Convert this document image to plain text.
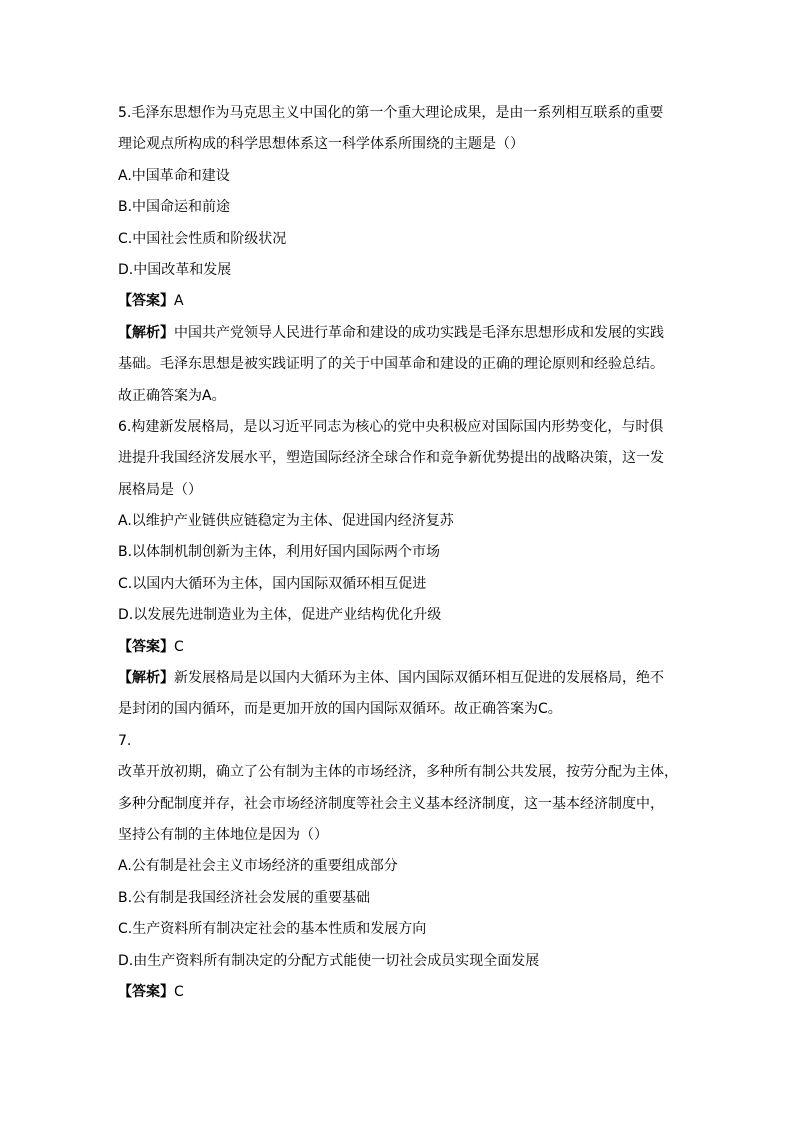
5.毛泽东思想作为马克思主义中国化的第一个重大理论成果，是由一系列相互联系的重要
理论观点所构成的科学思想体系这一科学体系所围绕的主题是（）
A.中国革命和建设
B.中国命运和前途
C.中国社会性质和阶级状况
D.中国改革和发展
【答案】A
【解析】中国共产党领导人民进行革命和建设的成功实践是毛泽东思想形成和发展的实践
基础。毛泽东思想是被实践证明了的关于中国革命和建设的正确的理论原则和经验总结。
故正确答案为A。
6.构建新发展格局，是以习近平同志为核心的党中央积极应对国际国内形势变化，与时俱
进提升我国经济发展水平，塑造国际经济全球合作和竞争新优势提出的战略决策，这一发
展格局是（）
A.以维护产业链供应链稳定为主体、促进国内经济复苏
B.以体制机制创新为主体，利用好国内国际两个市场
C.以国内大循环为主体，国内国际双循环相互促进
D.以发展先进制造业为主体，促进产业结构优化升级
【答案】C
【解析】新发展格局是以国内大循环为主体、国内国际双循环相互促进的发展格局，绝不
是封闭的国内循环，而是更加开放的国内国际双循环。故正确答案为C。
7.
改革开放初期，确立了公有制为主体的市场经济，多种所有制公共发展，按劳分配为主体，
多种分配制度并存，社会市场经济制度等社会主义基本经济制度，这一基本经济制度中，
坚持公有制的主体地位是因为（）
A.公有制是社会主义市场经济的重要组成部分
B.公有制是我国经济社会发展的重要基础
C.生产资料所有制决定社会的基本性质和发展方向
D.由生产资料所有制决定的分配方式能使一切社会成员实现全面发展
【答案】C
